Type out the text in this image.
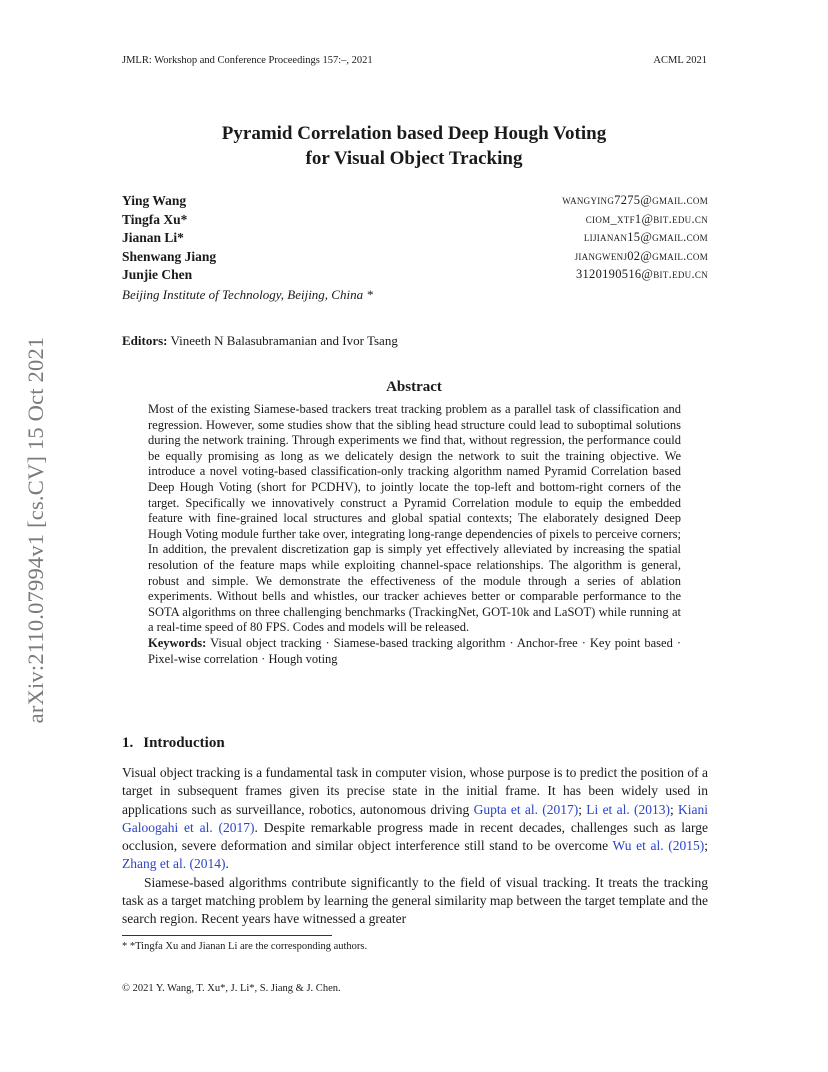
JMLR: Workshop and Conference Proceedings 157:–, 2021	ACML 2021
arXiv:2110.07994v1 [cs.CV] 15 Oct 2021
Pyramid Correlation based Deep Hough Voting
for Visual Object Tracking
Ying Wang	wangying7275@gmail.com
Tingfa Xu*	ciom_xtf1@bit.edu.cn
Jianan Li*	lijianan15@gmail.com
Shenwang Jiang	jiangwenj02@gmail.com
Junjie Chen	3120190516@bit.edu.cn
Beijing Institute of Technology, Beijing, China *
Editors: Vineeth N Balasubramanian and Ivor Tsang
Abstract

Most of the existing Siamese-based trackers treat tracking problem as a parallel task of classification and regression. However, some studies show that the sibling head structure could lead to suboptimal solutions during the network training. Through experiments we find that, without regression, the performance could be equally promising as long as we delicately design the network to suit the training objective. We introduce a novel voting-based classification-only tracking algorithm named Pyramid Correlation based Deep Hough Voting (short for PCDHV), to jointly locate the top-left and bottom-right corners of the target. Specifically we innovatively construct a Pyramid Correlation module to equip the embedded feature with fine-grained local structures and global spatial contexts; The elaborately designed Deep Hough Voting module further take over, integrating long-range dependencies of pixels to perceive corners; In addition, the prevalent discretization gap is simply yet effectively alleviated by increasing the spatial resolution of the feature maps while exploiting channel-space relationships. The algorithm is general, robust and simple. We demonstrate the effectiveness of the module through a series of ablation experiments. Without bells and whistles, our tracker achieves better or comparable performance to the SOTA algorithms on three challenging benchmarks (TrackingNet, GOT-10k and LaSOT) while running at a real-time speed of 80 FPS. Codes and models will be released.

Keywords: Visual object tracking · Siamese-based tracking algorithm · Anchor-free · Key point based · Pixel-wise correlation · Hough voting

1. Introduction

Visual object tracking is a fundamental task in computer vision, whose purpose is to predict the position of a target in subsequent frames given its precise state in the initial frame. It has been widely used in applications such as surveillance, robotics, autonomous driving Gupta et al. (2017); Li et al. (2013); Kiani Galoogahi et al. (2017). Despite remarkable progress made in recent decades, challenges such as large occlusion, severe deformation and similar object interference still stand to be overcome Wu et al. (2015); Zhang et al. (2014).

Siamese-based algorithms contribute significantly to the field of visual tracking. It treats the tracking task as a target matching problem by learning the general similarity map between the target template and the search region. Recent years have witnessed a greater

* *Tingfa Xu and Jianan Li are the corresponding authors.
© 2021 Y. Wang, T. Xu*, J. Li*, S. Jiang & J. Chen.
